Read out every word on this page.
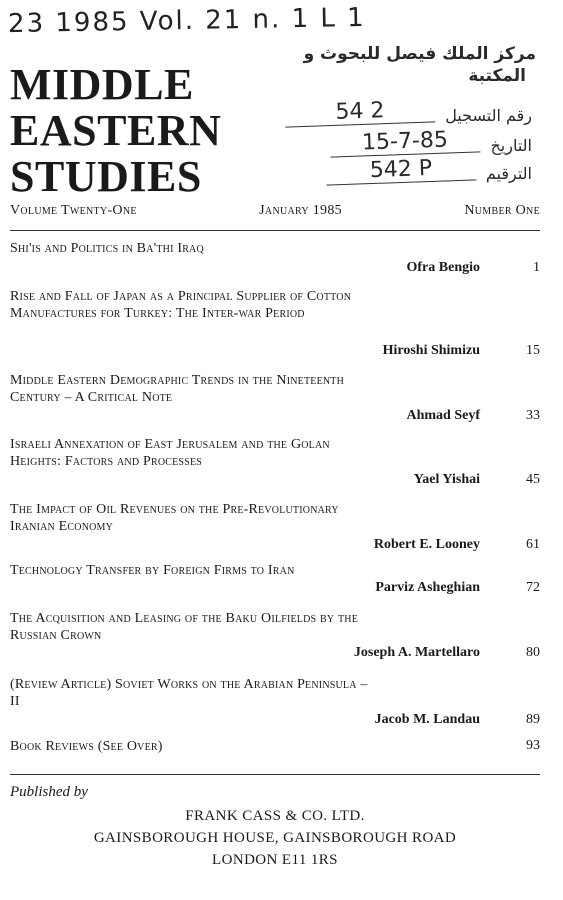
23 1985 Vol. 21 n. 1 L 1
مركز الملك فيصل للبحوث و
المكتبة
54 2	رقم التسجيل
15-7-85	التاريخ
542 P	الترقيم
MIDDLE
EASTERN
STUDIES
Volume Twenty-One	January 1985	Number One
Shi'is and Politics in Ba'thi Iraq
Ofra Bengio	1
Rise and Fall of Japan as a Principal Supplier of Cotton Manufactures for Turkey: The Inter-war Period
Hiroshi Shimizu	15
Middle Eastern Demographic Trends in the Nineteenth Century – A Critical Note
Ahmad Seyf	33
Israeli Annexation of East Jerusalem and the Golan Heights: Factors and Processes
Yael Yishai	45
The Impact of Oil Revenues on the Pre-Revolutionary Iranian Economy
Robert E. Looney	61
Technology Transfer by Foreign Firms to Iran
Parviz Asheghian	72
The Acquisition and Leasing of the Baku Oilfields by the Russian Crown
Joseph A. Martellaro	80
(Review Article) Soviet Works on the Arabian Peninsula – II
Jacob M. Landau	89
Book Reviews (See Over)	93
Published by
FRANK CASS & CO. LTD.
GAINSBOROUGH HOUSE, GAINSBOROUGH ROAD
LONDON E11 1RS
